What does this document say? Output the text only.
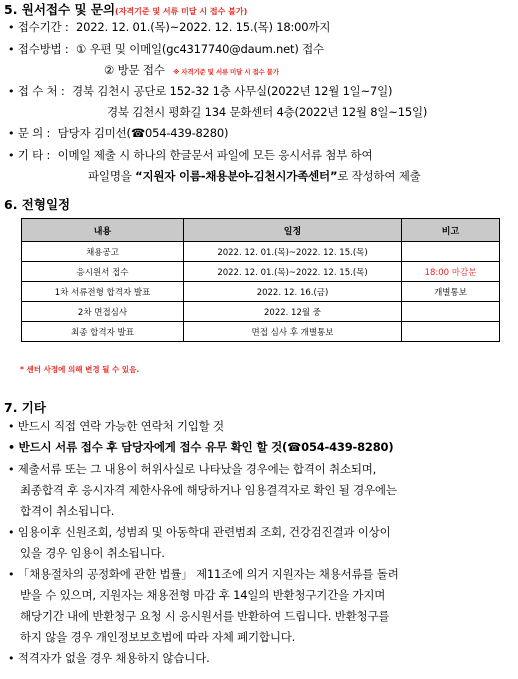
5. 원서접수 및 문의(자격기준 및 서류 미달 시 접수 불가)
• 접수기간 : 2022. 12. 01.(목)~2022. 12. 15.(목) 18:00까지
• 접수방법 : ① 우편 및 이메일(gc4317740@daum.net) 접수
② 방문 접수 ※ 자격기준 및 서류 미달 시 접수 불가
• 접 수 처 : 경북 김천시 공단로 152-32 1층 사무실(2022년 12월 1일~7일)
경북 김천시 평화길 134 문화센터 4층(2022년 12월 8일~15일)
• 문 의 : 담당자 김미선(☎054-439-8280)
• 기 타 : 이메일 제출 시 하나의 한글문서 파일에 모든 응시서류 첨부 하여
파일명을 “지원자 이름-채용분야-김천시가족센터”로 작성하여 제출
6. 전형일정
내용	일정	비고
채용공고	2022. 12. 01.(목)~2022. 12. 15.(목)	
응시원서 접수	2022. 12. 01.(목)~2022. 12. 15.(목)	18:00 마감분
1차 서류전형 합격자 발표	2022. 12. 16.(금)	개별통보
2차 면접심사	2022. 12월 중	
최종 합격자 발표	면접 심사 후 개별통보	
* 센터 사정에 의해 변경 될 수 있음.
7. 기타
• 반드시 직접 연락 가능한 연락처 기입할 것
• 반드시 서류 접수 후 담당자에게 접수 유무 확인 할 것(☎054-439-8280)
• 제출서류 또는 그 내용이 허위사실로 나타났을 경우에는 합격이 취소되며,
최종합격 후 응시자격 제한사유에 해당하거나 임용결격자로 확인 될 경우에는
합격이 취소됩니다.
• 임용이후 신원조회, 성범죄 및 아동학대 관련범죄 조회, 건강검진결과 이상이
있을 경우 임용이 취소됩니다.
• 「채용절차의 공정화에 관한 법률」 제11조에 의거 지원자는 채용서류를 돌려
받을 수 있으며, 지원자는 채용전형 마감 후 14일의 반환청구기간을 가지며
해당기간 내에 반환청구 요청 시 응시원서를 반환하여 드립니다. 반환청구를
하지 않을 경우 개인정보보호법에 따라 자체 폐기합니다.
• 적격자가 없을 경우 채용하지 않습니다.
